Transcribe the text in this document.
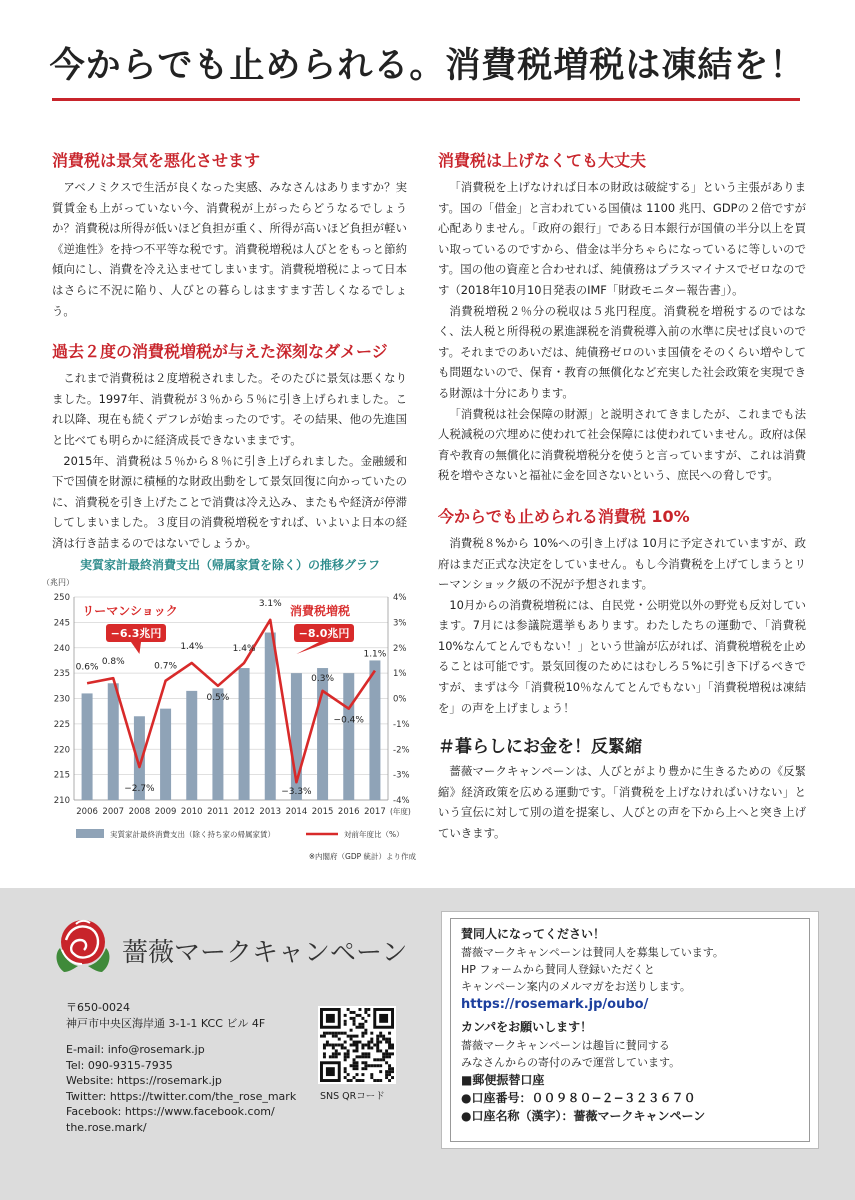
今からでも止められる。消費税増税は凍結を！

消費税は景気を悪化させます

アベノミクスで生活が良くなった実感、みなさんはありますか？実質賃金も上がっていない今、消費税が上がったらどうなるでしょうか？消費税は所得が低いほど負担が重く、所得が高いほど負担が軽い《逆進性》を持つ不平等な税です。消費税増税は人びとをもっと節約傾向にし、消費を冷え込ませてしまいます。消費税増税によって日本はさらに不況に陥り、人びとの暮らしはますます苦しくなるでしょう。

過去２度の消費税増税が与えた深刻なダメージ

これまで消費税は２度増税されました。そのたびに景気は悪くなりました。1997年、消費税が３％から５％に引き上げられました。これ以降、現在も続くデフレが始まったのです。その結果、他の先進国と比べても明らかに経済成長できないままです。

2015年、消費税は５％から８％に引き上げられました。金融緩和下で国債を財源に積極的な財政出動をして景気回復に向かっていたのに、消費税を引き上げたことで消費は冷え込み、またもや経済が停滞してしまいました。３度目の消費税増税をすれば、いよいよ日本の経済は行き詰まるのではないでしょうか。

実質家計最終消費支出（帰属家賃を除く）の推移グラフ
（兆円）
210
215
220
225
230
235
240
245
250
-4%
-3%
-2%
-1%
0%
1%
2%
3%
4%
2006 2007 2008 2009 2010 2011 2012 2013 2014 2015 2016 2017 (年度)
0.6%
0.8%
−2.7%
0.7%
1.4%
0.5%
1.4%
3.1%
−3.3%
0.3%
−0.4%
1.1%
リーマンショック
−6.3兆円
消費税増税
−8.0兆円
実質家計最終消費支出（除く持ち家の帰属家賃）	対前年度比（%）
※内閣府（GDP 統計）より作成

消費税は上げなくても大丈夫

「消費税を上げなければ日本の財政は破綻する」という主張があります。国の「借金」と言われている国債は 1100 兆円、GDPの２倍ですが心配ありません。「政府の銀行」である日本銀行が国債の半分以上を買い取っているのですから、借金は半分ちゃらになっているに等しいのです。国の他の資産と合わせれば、純債務はプラスマイナスでゼロなのです（2018年10月10日発表のIMF「財政モニター報告書」）。

消費税増税２％分の税収は５兆円程度。消費税を増税するのではなく、法人税と所得税の累進課税を消費税導入前の水準に戻せば良いのです。それまでのあいだは、純債務ゼロのいま国債をそのくらい増やしても問題ないので、保育・教育の無償化など充実した社会政策を実現できる財源は十分にあります。

「消費税は社会保障の財源」と説明されてきましたが、これまでも法人税減税の穴埋めに使われて社会保障には使われていません。政府は保育や教育の無償化に消費税増税分を使うと言っていますが、これは消費税を増やさないと福祉に金を回さないという、庶民への脅しです。

今からでも止められる消費税 10%

消費税８%から 10%への引き上げは 10月に予定されていますが、政府はまだ正式な決定をしていません。もし今消費税を上げてしまうとリーマンショック級の不況が予想されます。

10月からの消費税増税には、自民党・公明党以外の野党も反対しています。7月には参議院選挙もあります。わたしたちの運動で、「消費税 10%なんてとんでもない！」という世論が広がれば、消費税増税を止めることは可能です。景気回復のためにはむしろ５%に引き下げるべきですが、まずは今「消費税10％なんてとんでもない」「消費税増税は凍結を」の声を上げましょう！

＃暮らしにお金を！反緊縮

薔薇マークキャンペーンは、人びとがより豊かに生きるための《反緊縮》経済政策を広める運動です。「消費税を上げなければいけない」という宣伝に対して別の道を提案し、人びとの声を下から上へと突き上げていきます。

薔薇マークキャンペーン
〒650-0024
神戸市中央区海岸通 3-1-1 KCC ビル 4F
E-mail: info@rosemark.jp
Tel: 090-9315-7935
Website: https://rosemark.jp
Twitter: https://twitter.com/the_rose_mark
Facebook: https://www.facebook.com/
the.rose.mark/
SNS QRコード

賛同人になってください！

薔薇マークキャンペーンは賛同人を募集しています。

HP フォームから賛同人登録いただくと

キャンペーン案内のメルマガをお送りします。

https://rosemark.jp/oubo/

カンパをお願いします！

薔薇マークキャンペーンは趣旨に賛同する

みなさんからの寄付のみで運営しています。

■郵便振替口座

●口座番号：００９８０−２−３２３６７０

●口座名称（漢字）：薔薇マークキャンペーン
